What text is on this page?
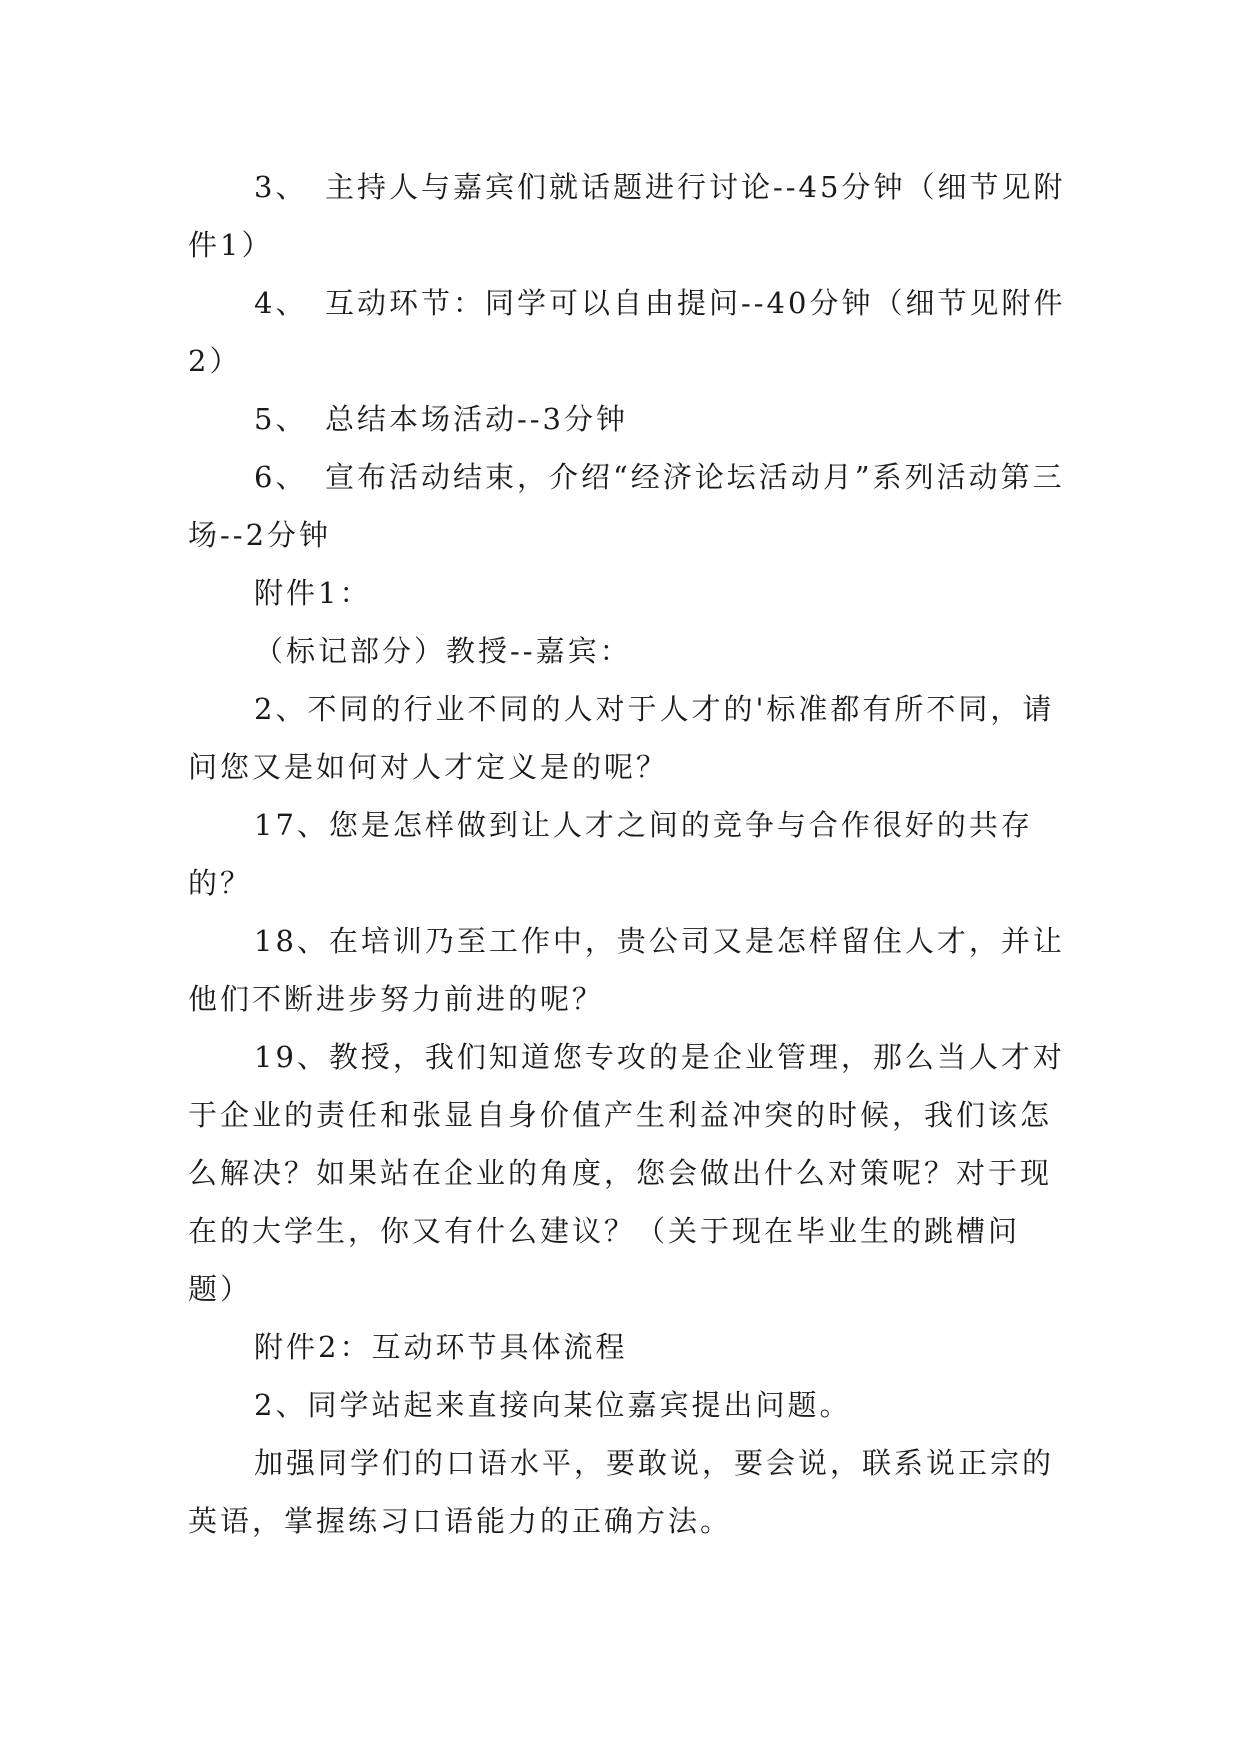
3、　主持人与嘉宾们就话题进行讨论--45分钟（细节见附件1）

4、　互动环节：同学可以自由提问--40分钟（细节见附件2）

5、　总结本场活动--3分钟

6、　宣布活动结束，介绍“经济论坛活动月”系列活动第三场--2分钟

附件1：

（标记部分）教授--嘉宾：

2、不同的行业不同的人对于人才的'标准都有所不同，请问您又是如何对人才定义是的呢？

17、您是怎样做到让人才之间的竞争与合作很好的共存的？

18、在培训乃至工作中，贵公司又是怎样留住人才，并让他们不断进步努力前进的呢？

19、教授，我们知道您专攻的是企业管理，那么当人才对于企业的责任和张显自身价值产生利益冲突的时候，我们该怎么解决？如果站在企业的角度，您会做出什么对策呢？对于现在的大学生，你又有什么建议？（关于现在毕业生的跳槽问题）

附件2：互动环节具体流程

2、同学站起来直接向某位嘉宾提出问题。

加强同学们的口语水平，要敢说，要会说，联系说正宗的英语，掌握练习口语能力的正确方法。
